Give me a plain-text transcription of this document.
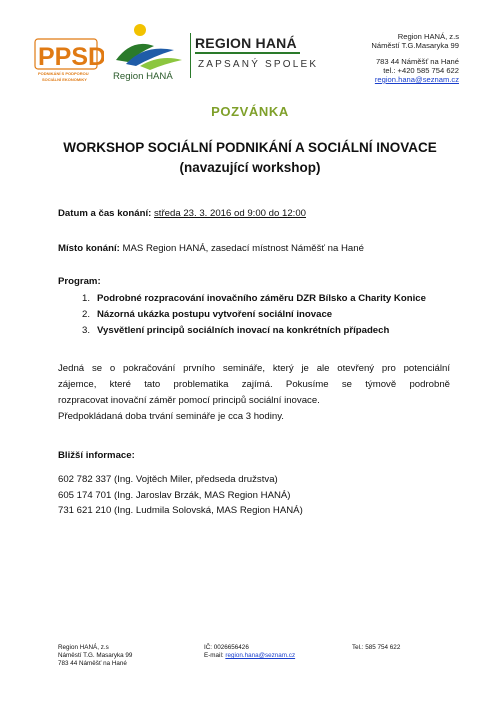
PPSD
PODNIKÁNÍ S PODPOROU
SOCIÁLNÍ EKONOMIKY	Region HANÁ
REGION HANÁ
ZAPSANÝ SPOLEK
Region HANÁ, z.s
Náměstí T.G.Masaryka 99
783 44 Náměšť na Hané
tel.: +420 585 754 622
region.hana@seznam.cz
POZVÁNKA
WORKSHOP SOCIÁLNÍ PODNIKÁNÍ A SOCIÁLNÍ INOVACE
(navazující workshop)
Datum a čas konání: středa 23. 3. 2016 od 9:00 do 12:00
Místo konání: MAS Region HANÁ, zasedací místnost Náměšť na Hané
Program:
1. Podrobné rozpracování inovačního záměru DZR Bílsko a Charity Konice
2. Názorná ukázka postupu vytvoření sociální inovace
3. Vysvětlení principů sociálních inovací na konkrétních případech
Jedná se o pokračování prvního semináře, který je ale otevřený pro potenciální
zájemce, které tato problematika zajímá. Pokusíme se týmově podrobně
rozpracovat inovační záměr pomocí principů sociální inovace.
Předpokládaná doba trvání semináře je cca 3 hodiny.
Bližší informace:
602 782 337 (Ing. Vojtěch Miler, předseda družstva)
605 174 701 (Ing. Jaroslav Brzák, MAS Region HANÁ)
731 621 210 (Ing. Ludmila Solovská, MAS Region HANÁ)
Region HANÁ, z.s
Náměstí T.G. Masaryka 99
783 44 Náměšť na Hané
IČ: 0026656426
E-mail: region.hana@seznam.cz
Tel.: 585 754 622
